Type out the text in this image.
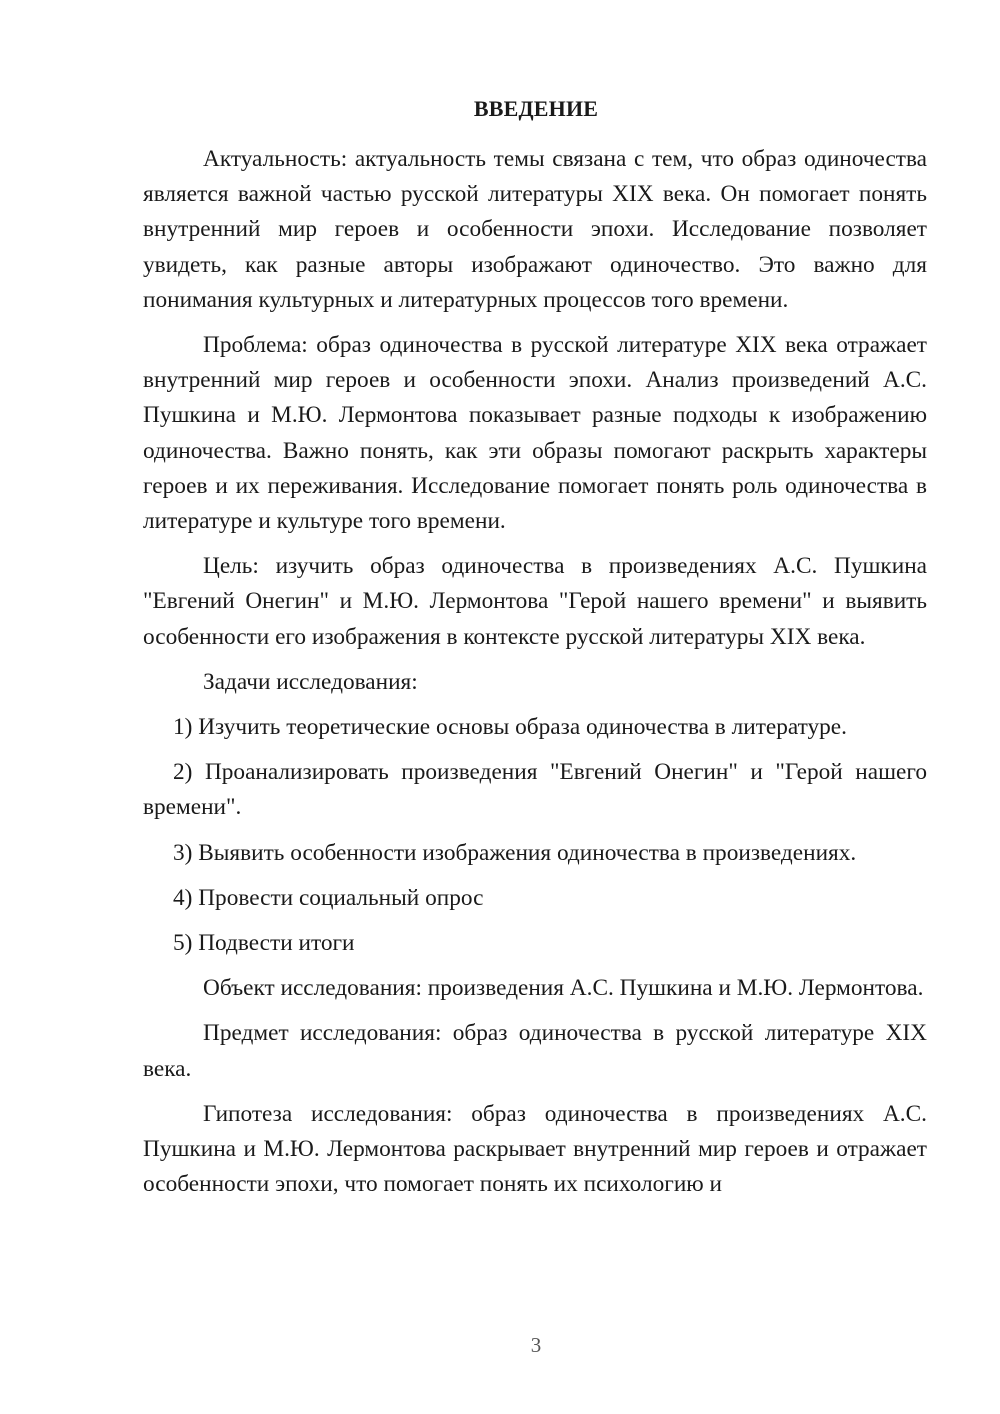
ВВЕДЕНИЕ

Актуальность: актуальность темы связана с тем, что образ одиночества является важной частью русской литературы XIX века. Он помогает понять внутренний мир героев и особенности эпохи. Исследование позволяет увидеть, как разные авторы изображают одиночество. Это важно для понимания культурных и литературных процессов того времени.

Проблема: образ одиночества в русской литературе XIX века отражает внутренний мир героев и особенности эпохи. Анализ произведений А.С. Пушкина и М.Ю. Лермонтова показывает разные подходы к изображению одиночества. Важно понять, как эти образы помогают раскрыть характеры героев и их переживания. Исследование помогает понять роль одиночества в литературе и культуре того времени.

Цель: изучить образ одиночества в произведениях А.С. Пушкина "Евгений Онегин" и М.Ю. Лермонтова "Герой нашего времени" и выявить особенности его изображения в контексте русской литературы XIX века.

Задачи исследования:

1) Изучить теоретические основы образа одиночества в литературе.

2) Проанализировать произведения "Евгений Онегин" и "Герой нашего времени".

3) Выявить особенности изображения одиночества в произведениях.

4) Провести социальный опрос

5) Подвести итоги

Объект исследования: произведения А.С. Пушкина и М.Ю. Лермонтова.

Предмет исследования: образ одиночества в русской литературе XIX века.

Гипотеза исследования: образ одиночества в произведениях А.С. Пушкина и М.Ю. Лермонтова раскрывает внутренний мир героев и отражает особенности эпохи, что помогает понять их психологию и

3
